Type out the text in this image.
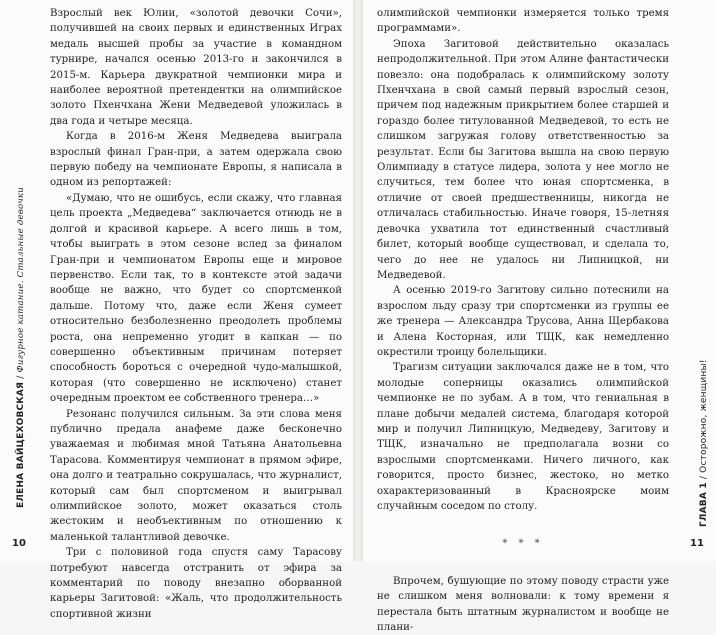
Взрослый век Юлии, «золотой девочки Сочи», получившей на своих первых и единственных Играх медаль высшей пробы за участие в командном турнире, начался осенью 2013-го и закончился в 2015-м. Карьера двукратной чемпионки мира и наиболее вероятной претендентки на олимпийское золото Пхенчхана Жени Медведевой уложилась в два года и четыре месяца.

Когда в 2016-м Женя Медведева выиграла взрослый финал Гран-при, а затем одержала свою первую победу на чемпионате Европы, я написала в одном из репортажей:

«Думаю, что не ошибусь, если скажу, что главная цель проекта „Медведева“ заключается отнюдь не в долгой и красивой карьере. А всего лишь в том, чтобы выиграть в этом сезоне вслед за финалом Гран-при и чемпионатом Европы еще и мировое первенство. Если так, то в контексте этой задачи вообще не важно, что будет со спортсменкой дальше. Потому что, даже если Женя сумеет относительно безболезненно преодолеть проблемы роста, она непременно угодит в капкан — по совершенно объективным причинам потеряет способность бороться с очередной чудо-малышкой, которая (что совершенно не исключено) станет очередным проектом ее собственного тренера…»

Резонанс получился сильным. За эти слова меня публично предала анафеме даже бесконечно уважаемая и любимая мной Татьяна Анатольевна Тарасова. Комментируя чемпионат в прямом эфире, она долго и театрально сокрушалась, что журналист, который сам был спортсменом и выигрывал олимпийское золото, может оказаться столь жестоким и необъективным по отношению к маленькой талантливой девочке.

Три с половиной года спустя саму Тарасову потребуют навсегда отстранить от эфира за комментарий по поводу внезапно оборванной карьеры Загитовой: «Жаль, что продолжительность спортивной жизни

ЕЛЕНА ВАЙЦЕХОВСКАЯ / Фигурное катание. Стальные девочки
10

олимпийской чемпионки измеряется только тремя программами».

Эпоха Загитовой действительно оказалась непродолжительной. При этом Алине фантастически повезло: она подобралась к олимпийскому золоту Пхенчхана в свой самый первый взрослый сезон, причем под надежным прикрытием более старшей и гораздо более титулованной Медведевой, то есть не слишком загружая голову ответственностью за результат. Если бы Загитова вышла на свою первую Олимпиаду в статусе лидера, золота у нее могло не случиться, тем более что юная спортсменка, в отличие от своей предшественницы, никогда не отличалась стабильностью. Иначе говоря, 15-летняя девочка ухватила тот единственный счастливый билет, который вообще существовал, и сделала то, чего до нее не удалось ни Липницкой, ни Медведевой.

А осенью 2019-го Загитову сильно потеснили на взрослом льду сразу три спортсменки из группы ее же тренера — Александра Трусова, Анна Щербакова и Алена Косторная, или ТЩК, как немедленно окрестили троицу болельщики.

Трагизм ситуации заключался даже не в том, что молодые соперницы оказались олимпийской чемпионке не по зубам. А в том, что гениальная в плане добычи медалей система, благодаря которой мир и получил Липницкую, Медведеву, Загитову и ТЩК, изначально не предполагала возни со взрослыми спортсменками. Ничего личного, как говорится, просто бизнес, жестоко, но метко охарактеризованный в Красноярске моим случайным соседом по столу.

* * *

Впрочем, бушующие по этому поводу страсти уже не слишком меня волновали: к тому времени я перестала быть штатным журналистом и вообще не плани-

ГЛАВА 1 / Осторожно, женщины!
11
